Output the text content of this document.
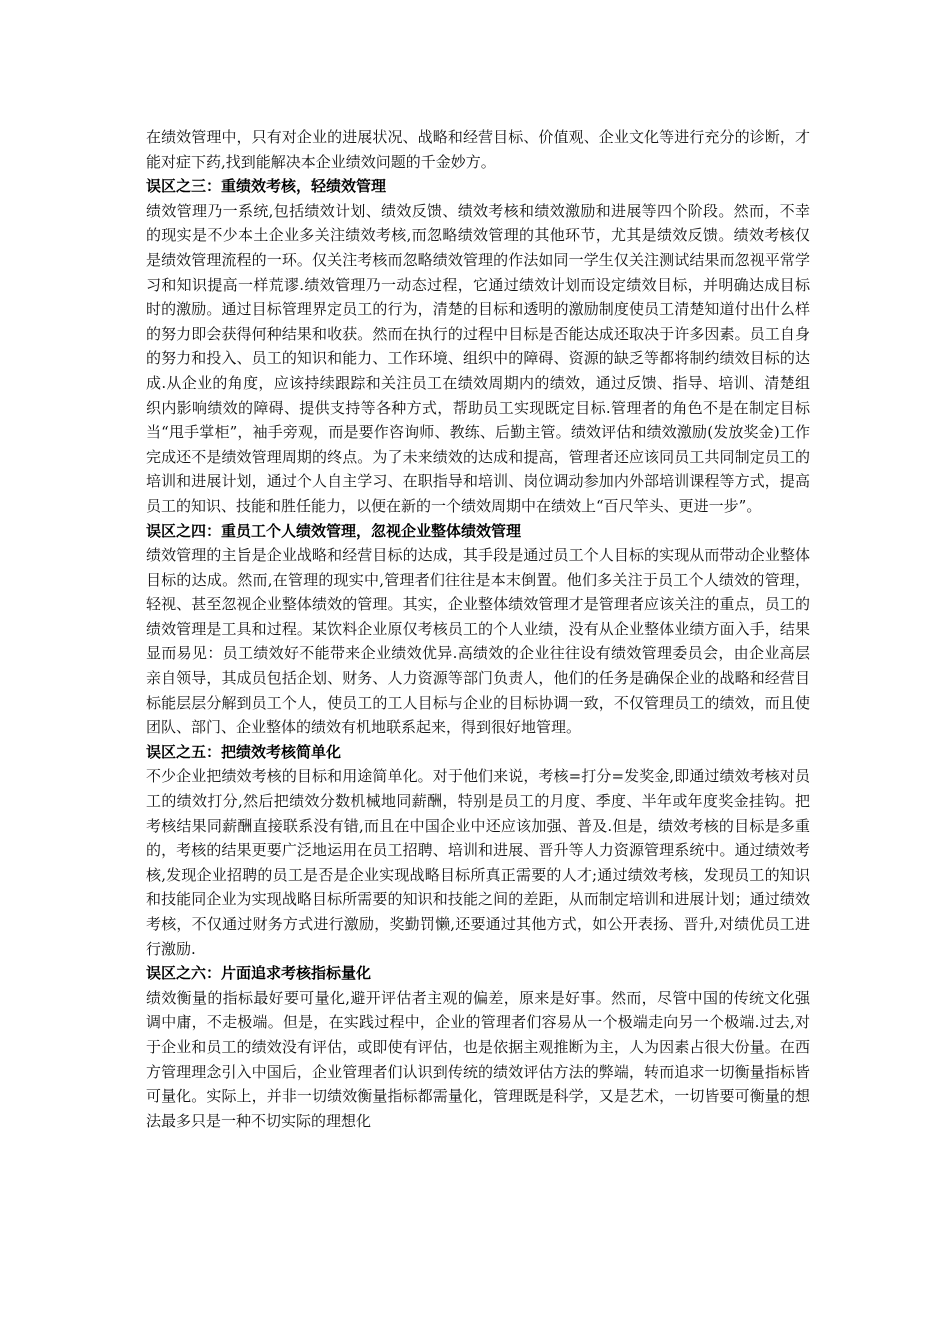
在绩效管理中，只有对企业的进展状况、战略和经营目标、价值观、企业文化等进行充分的诊断，才能对症下药,找到能解决本企业绩效问题的千金妙方。

误区之三：重绩效考核，轻绩效管理

绩效管理乃一系统,包括绩效计划、绩效反馈、绩效考核和绩效激励和进展等四个阶段。然而，不幸的现实是不少本土企业多关注绩效考核,而忽略绩效管理的其他环节，尤其是绩效反馈。绩效考核仅是绩效管理流程的一环。仅关注考核而忽略绩效管理的作法如同一学生仅关注测试结果而忽视平常学习和知识提高一样荒谬.绩效管理乃一动态过程，它通过绩效计划而设定绩效目标，并明确达成目标时的激励。通过目标管理界定员工的行为，清楚的目标和透明的激励制度使员工清楚知道付出什么样的努力即会获得何种结果和收获。然而在执行的过程中目标是否能达成还取决于许多因素。员工自身的努力和投入、员工的知识和能力、工作环境、组织中的障碍、资源的缺乏等都将制约绩效目标的达成.从企业的角度，应该持续跟踪和关注员工在绩效周期内的绩效，通过反馈、指导、培训、清楚组织内影响绩效的障碍、提供支持等各种方式，帮助员工实现既定目标.管理者的角色不是在制定目标当“甩手掌柜”，袖手旁观，而是要作咨询师、教练、后勤主管。绩效评估和绩效激励(发放奖金)工作完成还不是绩效管理周期的终点。为了未来绩效的达成和提高，管理者还应该同员工共同制定员工的培训和进展计划，通过个人自主学习、在职指导和培训、岗位调动参加内外部培训课程等方式，提高员工的知识、技能和胜任能力，以便在新的一个绩效周期中在绩效上“百尺竿头、更进一步”。

误区之四：重员工个人绩效管理，忽视企业整体绩效管理

绩效管理的主旨是企业战略和经营目标的达成，其手段是通过员工个人目标的实现从而带动企业整体目标的达成。然而,在管理的现实中,管理者们往往是本末倒置。他们多关注于员工个人绩效的管理，轻视、甚至忽视企业整体绩效的管理。其实，企业整体绩效管理才是管理者应该关注的重点，员工的绩效管理是工具和过程。某饮料企业原仅考核员工的个人业绩，没有从企业整体业绩方面入手，结果显而易见：员工绩效好不能带来企业绩效优异.高绩效的企业往往设有绩效管理委员会，由企业高层亲自领导，其成员包括企划、财务、人力资源等部门负责人，他们的任务是确保企业的战略和经营目标能层层分解到员工个人，使员工的工人目标与企业的目标协调一致，不仅管理员工的绩效，而且使团队、部门、企业整体的绩效有机地联系起来，得到很好地管理。

误区之五：把绩效考核简单化

不少企业把绩效考核的目标和用途简单化。对于他们来说，考核=打分=发奖金,即通过绩效考核对员工的绩效打分,然后把绩效分数机械地同薪酬，特别是员工的月度、季度、半年或年度奖金挂钩。把考核结果同薪酬直接联系没有错,而且在中国企业中还应该加强、普及.但是，绩效考核的目标是多重的，考核的结果更要广泛地运用在员工招聘、培训和进展、晋升等人力资源管理系统中。通过绩效考核,发现企业招聘的员工是否是企业实现战略目标所真正需要的人才;通过绩效考核，发现员工的知识和技能同企业为实现战略目标所需要的知识和技能之间的差距，从而制定培训和进展计划；通过绩效考核，不仅通过财务方式进行激励，奖勤罚懒,还要通过其他方式，如公开表扬、晋升,对绩优员工进行激励.

误区之六：片面追求考核指标量化

绩效衡量的指标最好要可量化,避开评估者主观的偏差，原来是好事。然而，尽管中国的传统文化强调中庸，不走极端。但是，在实践过程中，企业的管理者们容易从一个极端走向另一个极端.过去,对于企业和员工的绩效没有评估，或即使有评估，也是依据主观推断为主，人为因素占很大份量。在西方管理理念引入中国后，企业管理者们认识到传统的绩效评估方法的弊端，转而追求一切衡量指标皆可量化。实际上，并非一切绩效衡量指标都需量化，管理既是科学，又是艺术，一切皆要可衡量的想法最多只是一种不切实际的理想化
